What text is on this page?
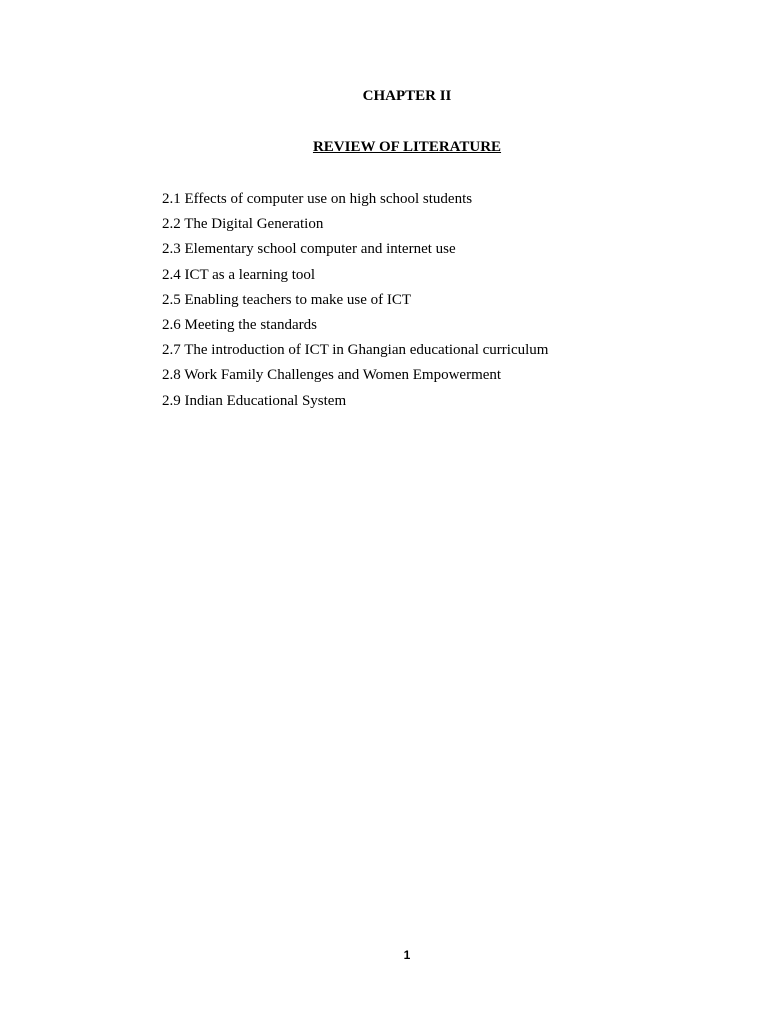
CHAPTER II
REVIEW OF LITERATURE
2.1 Effects of computer use on high school students
2.2 The Digital Generation
2.3 Elementary school computer and internet use
2.4 ICT as a learning tool
2.5 Enabling teachers to make use of ICT
2.6 Meeting the standards
2.7 The introduction of ICT in Ghangian educational curriculum
2.8 Work Family Challenges and Women Empowerment
2.9 Indian Educational System
1
